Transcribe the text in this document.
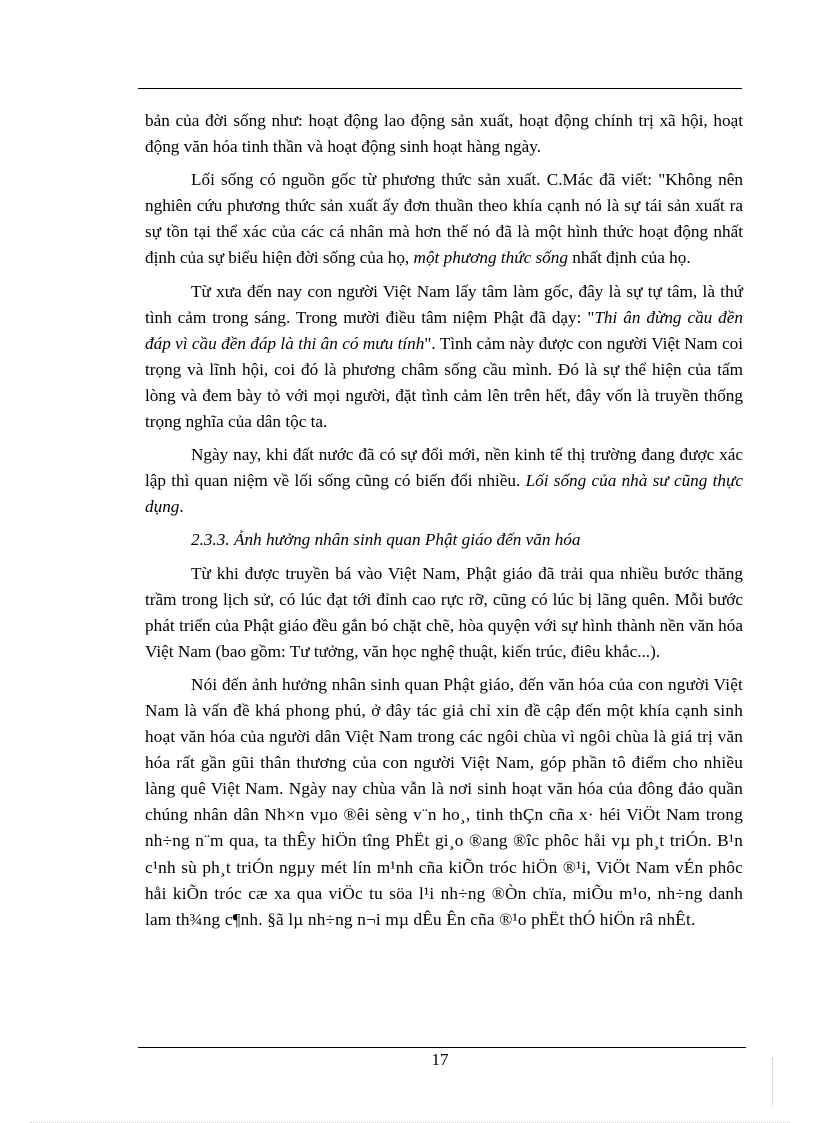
bản của đời sống như: hoạt động lao động sản xuất, hoạt động chính trị xã hội, hoạt động văn hóa tinh thần và hoạt động sinh hoạt hàng ngày.

Lối sống có nguồn gốc từ phương thức sản xuất. C.Mác đã viết: "Không nên nghiên cứu phương thức sản xuất ấy đơn thuần theo khía cạnh nó là sự tái sản xuất ra sự tồn tại thể xác của các cá nhân mà hơn thế nó đã là một hình thức hoạt động nhất định của sự biểu hiện đời sống của họ, một phương thức sống nhất định của họ.

Từ xưa đến nay con người Việt Nam lấy tâm làm gốc, đây là sự tự tâm, là thứ tình cảm trong sáng. Trong mười điều tâm niệm Phật đã dạy: "Thi ân đừng cầu đền đáp vì cầu đền đáp là thi ân có mưu tính". Tình cảm này được con người Việt Nam coi trọng và lĩnh hội, coi đó là phương châm sống cầu mình. Đó là sự thể hiện của tấm lòng và đem bày tỏ với mọi người, đặt tình cảm lên trên hết, đây vốn là truyền thống trọng nghĩa của dân tộc ta.

Ngày nay, khi đất nước đã có sự đổi mới, nền kinh tế thị trường đang được xác lập thì quan niệm về lối sống cũng có biến đổi nhiều. Lối sống của nhà sư cũng thực dụng.

2.3.3. Ảnh hưởng nhân sinh quan Phật giáo đến văn hóa

Từ khi được truyền bá vào Việt Nam, Phật giáo đã trải qua nhiều bước thăng trầm trong lịch sử, có lúc đạt tới đỉnh cao rực rỡ, cũng có lúc bị lãng quên. Mỗi bước phát triển của Phật giáo đều gắn bó chặt chẽ, hòa quyện với sự hình thành nền văn hóa Việt Nam (bao gồm: Tư tưởng, văn học nghệ thuật, kiến trúc, điêu khắc...).

Nói đến ảnh hưởng nhân sinh quan Phật giáo, đến văn hóa của con người Việt Nam là vấn đề khá phong phú, ở đây tác giả chỉ xin đề cập đến một khía cạnh sinh hoạt văn hóa của người dân Việt Nam trong các ngôi chùa vì ngôi chùa là giá trị văn hóa rất gần gũi thân thương của con người Việt Nam, góp phần tô điểm cho nhiều làng quê Việt Nam. Ngày nay chùa vẫn là nơi sinh hoạt văn hóa của đông đảo quần chúng nhân dân Nh×n vµo ®êi sèng v¨n ho¸, tinh thÇn cña x· héi ViÖt Nam trong nh÷ng n¨m qua, ta thÊy hiÖn tîng PhËt gi¸o ®ang ®îc phôc håi vµ ph¸t triÓn. B¹n c¹nh sù ph¸t triÓn ngµy mét lín m¹nh cña kiÕn tróc hiÖn ®¹i, ViÖt Nam vÉn phôc håi kiÕn tróc cæ xa qua viÖc tu söa l¹i nh÷ng ®Òn chïa, miÕu m¹o, nh÷ng danh lam th¾ng c¶nh. §ã lµ nh÷ng n¬i mµ dÊu Ên cña ®¹o phËt thÓ hiÖn râ nhÊt.

17
